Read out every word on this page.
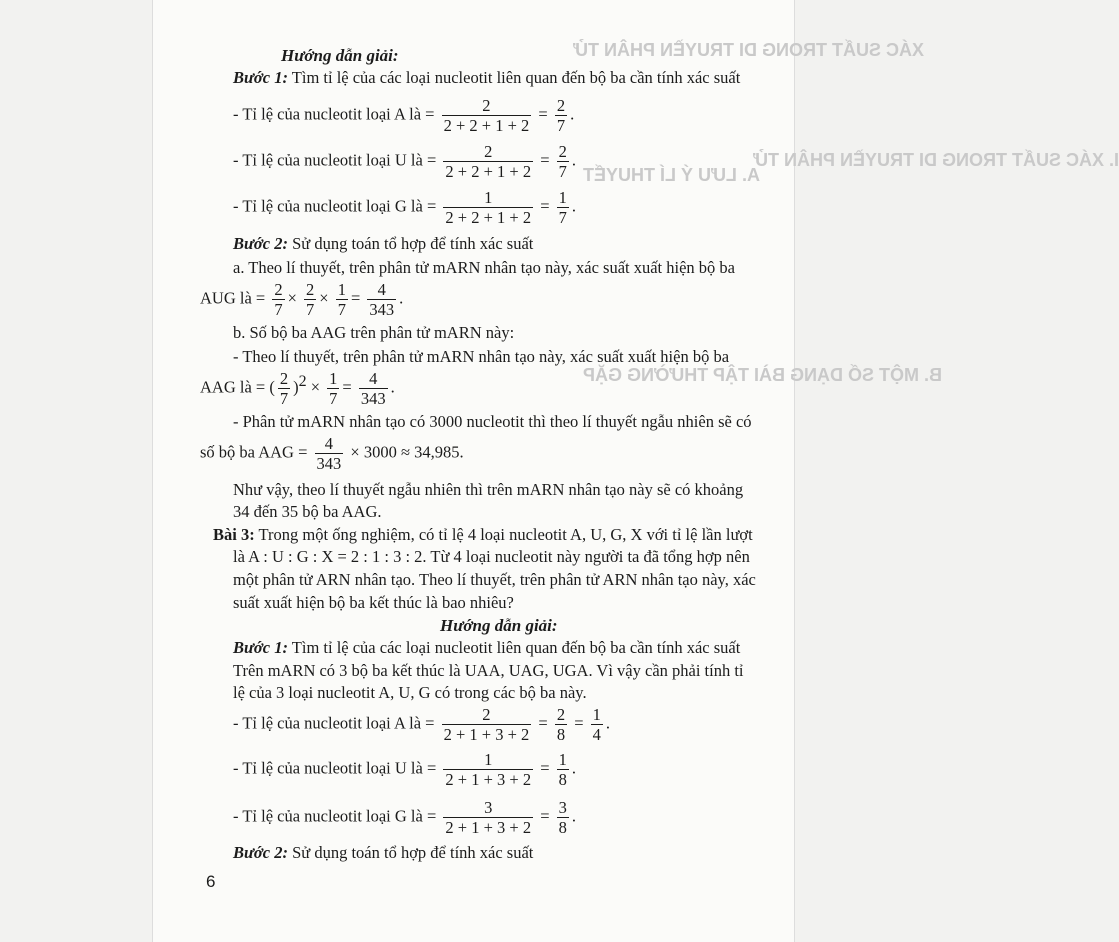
XÁC SUẤT TRONG DI TRUYỀN PHÂN TỬ
I. XÁC SUẤT TRONG DI TRUYỀN PHÂN TỬ
A. LƯU Ý LÍ THUYẾT
B. MỘT SỐ DẠNG BÀI TẬP THƯỜNG GẶP
Hướng dẫn giải:
Bước 1: Tìm tỉ lệ của các loại nucleotit liên quan đến bộ ba cần tính xác suất
- Tỉ lệ của nucleotit loại A là = $\frac{2}{2 + 2 + 1 + 2} = \frac{2}{7}$ .
- Tỉ lệ của nucleotit loại U là = $\frac{2}{2 + 2 + 1 + 2} = \frac{2}{7}$ .
- Tỉ lệ của nucleotit loại G là = $\frac{1}{2 + 2 + 1 + 2} = \frac{1}{7}$ .
Bước 2: Sử dụng toán tổ hợp để tính xác suất
a. Theo lí thuyết, trên phân tử mARN nhân tạo này, xác suất xuất hiện bộ ba
AUG là = $\frac{2}{7} \times \frac{2}{7} \times \frac{1}{7} = \frac{4}{343}$ .
b. Số bộ ba AAG trên phân tử mARN này:
- Theo lí thuyết, trên phân tử mARN nhân tạo này, xác suất xuất hiện bộ ba
AAG là = ( $\frac{2}{7} )^2 \times \frac{1}{7} = \frac{4}{343}$ .
- Phân tử mARN nhân tạo có 3000 nucleotit thì theo lí thuyết ngẫu nhiên sẽ có
số bộ ba AAG = $\frac{4}{343} \times 3000 \approx 34,985$.
Như vậy, theo lí thuyết ngẫu nhiên thì trên mARN nhân tạo này sẽ có khoảng
34 đến 35 bộ ba AAG.
Bài 3: Trong một ống nghiệm, có tỉ lệ 4 loại nucleotit A, U, G, X với tỉ lệ lần lượt
là A : U : G : X = 2 : 1 : 3 : 2. Từ 4 loại nucleotit này người ta đã tổng hợp nên
một phân tử ARN nhân tạo. Theo lí thuyết, trên phân tử ARN nhân tạo này, xác
suất xuất hiện bộ ba kết thúc là bao nhiêu?
Hướng dẫn giải:
Bước 1: Tìm tỉ lệ của các loại nucleotit liên quan đến bộ ba cần tính xác suất
Trên mARN có 3 bộ ba kết thúc là UAA, UAG, UGA. Vì vậy cần phải tính tỉ
lệ của 3 loại nucleotit A, U, G có trong các bộ ba này.
- Tỉ lệ của nucleotit loại A là = $\frac{2}{2 + 1 + 3 + 2} = \frac{2}{8} = \frac{1}{4}$ .
- Tỉ lệ của nucleotit loại U là = $\frac{1}{2 + 1 + 3 + 2} = \frac{1}{8}$ .
- Tỉ lệ của nucleotit loại G là = $\frac{3}{2 + 1 + 3 + 2} = \frac{3}{8}$ .
Bước 2: Sử dụng toán tổ hợp để tính xác suất
6
